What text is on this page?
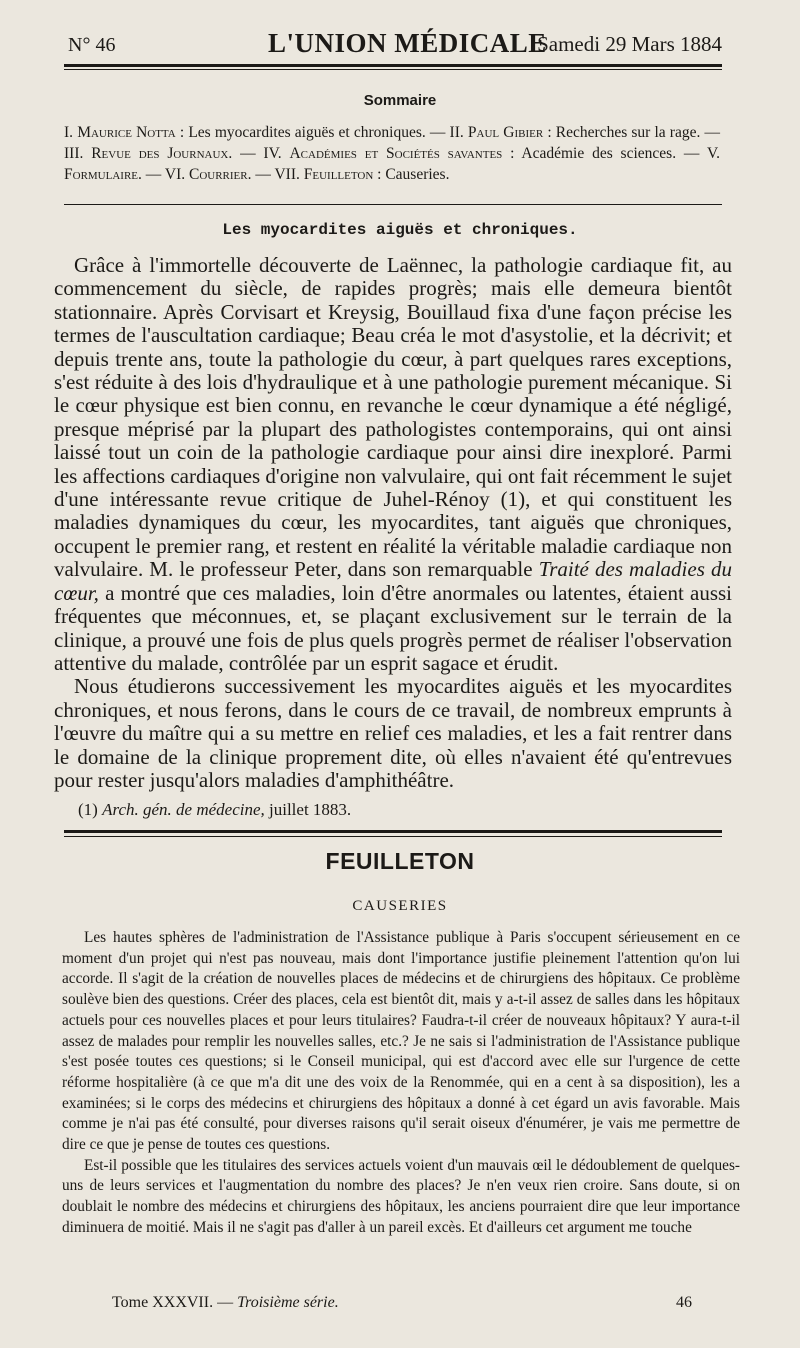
N° 46	L'UNION MÉDICALE
Samedi 29 Mars 1884
Sommaire
I. Maurice Notta : Les myocardites aiguës et chroniques. — II. Paul Gibier : Recherches sur la rage. — III. Revue des Journaux. — IV. Académies et Sociétés savantes : Académie des sciences. — V. Formulaire. — VI. Courrier. — VII. Feuilleton : Causeries.
Les myocardites aiguës et chroniques.

Grâce à l'immortelle découverte de Laënnec, la pathologie cardiaque fit, au commencement du siècle, de rapides progrès; mais elle demeura bientôt stationnaire. Après Corvisart et Kreysig, Bouillaud fixa d'une façon précise les termes de l'auscultation cardiaque; Beau créa le mot d'asystolie, et la décrivit; et depuis trente ans, toute la pathologie du cœur, à part quelques rares exceptions, s'est réduite à des lois d'hydraulique et à une pathologie purement mécanique. Si le cœur physique est bien connu, en revanche le cœur dynamique a été négligé, presque méprisé par la plupart des pathologistes contemporains, qui ont ainsi laissé tout un coin de la pathologie cardiaque pour ainsi dire inexploré. Parmi les affections cardiaques d'origine non valvulaire, qui ont fait récemment le sujet d'une intéressante revue critique de Juhel-Rénoy (1), et qui constituent les maladies dynamiques du cœur, les myocardites, tant aiguës que chroniques, occupent le premier rang, et restent en réalité la véritable maladie cardiaque non valvulaire. M. le professeur Peter, dans son remarquable Traité des maladies du cœur, a montré que ces maladies, loin d'être anormales ou latentes, étaient aussi fréquentes que méconnues, et, se plaçant exclusivement sur le terrain de la clinique, a prouvé une fois de plus quels progrès permet de réaliser l'observation attentive du malade, contrôlée par un esprit sagace et érudit.

Nous étudierons successivement les myocardites aiguës et les myocardites chroniques, et nous ferons, dans le cours de ce travail, de nombreux emprunts à l'œuvre du maître qui a su mettre en relief ces maladies, et les a fait rentrer dans le domaine de la clinique proprement dite, où elles n'avaient été qu'entrevues pour rester jusqu'alors maladies d'amphithéâtre.

(1) Arch. gén. de médecine, juillet 1883.
FEUILLETON
CAUSERIES

Les hautes sphères de l'administration de l'Assistance publique à Paris s'occupent sérieusement en ce moment d'un projet qui n'est pas nouveau, mais dont l'importance justifie pleinement l'attention qu'on lui accorde. Il s'agit de la création de nouvelles places de médecins et de chirurgiens des hôpitaux. Ce problème soulève bien des questions. Créer des places, cela est bientôt dit, mais y a-t-il assez de salles dans les hôpitaux actuels pour ces nouvelles places et pour leurs titulaires? Faudra-t-il créer de nouveaux hôpitaux? Y aura-t-il assez de malades pour remplir les nouvelles salles, etc.? Je ne sais si l'administration de l'Assistance publique s'est posée toutes ces questions; si le Conseil municipal, qui est d'accord avec elle sur l'urgence de cette réforme hospitalière (à ce que m'a dit une des voix de la Renommée, qui en a cent à sa disposition), les a examinées; si le corps des médecins et chirurgiens des hôpitaux a donné à cet égard un avis favorable. Mais comme je n'ai pas été consulté, pour diverses raisons qu'il serait oiseux d'énumérer, je vais me permettre de dire ce que je pense de toutes ces questions.

Est-il possible que les titulaires des services actuels voient d'un mauvais œil le dédoublement de quelques-uns de leurs services et l'augmentation du nombre des places? Je n'en veux rien croire. Sans doute, si on doublait le nombre des médecins et chirurgiens des hôpitaux, les anciens pourraient dire que leur importance diminuera de moitié. Mais il ne s'agit pas d'aller à un pareil excès. Et d'ailleurs cet argument me touche

Tome XXXVII. — Troisième série.	46
